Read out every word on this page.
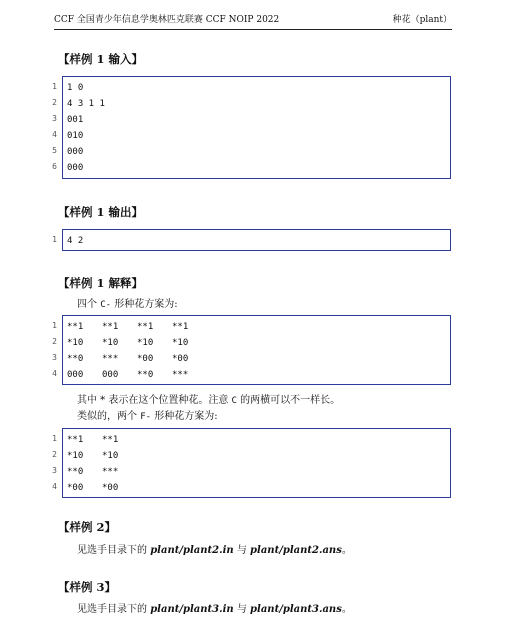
CCF 全国青少年信息学奥林匹克联赛 CCF NOIP 2022	种花（plant）
【样例 1 输入】
1
2
3
4
5
6
1 0
4 3 1 1
001
010
000
000
【样例 1 输出】
1 4 2
【样例 1 解释】
四个 C- 形种花方案为:
1
2
3
4
**1 **1 **1 **1
*10 *10 *10 *10
**0 *** *00 *00
000 000 **0 ***
其中 * 表示在这个位置种花。注意 C 的两横可以不一样长。
类似的，两个 F- 形种花方案为:
1
2
3
4
**1 **1
*10 *10
**0 ***
*00 *00
【样例 2】
见选手目录下的 plant/plant2.in 与 plant/plant2.ans。
【样例 3】
见选手目录下的 plant/plant3.in 与 plant/plant3.ans。
